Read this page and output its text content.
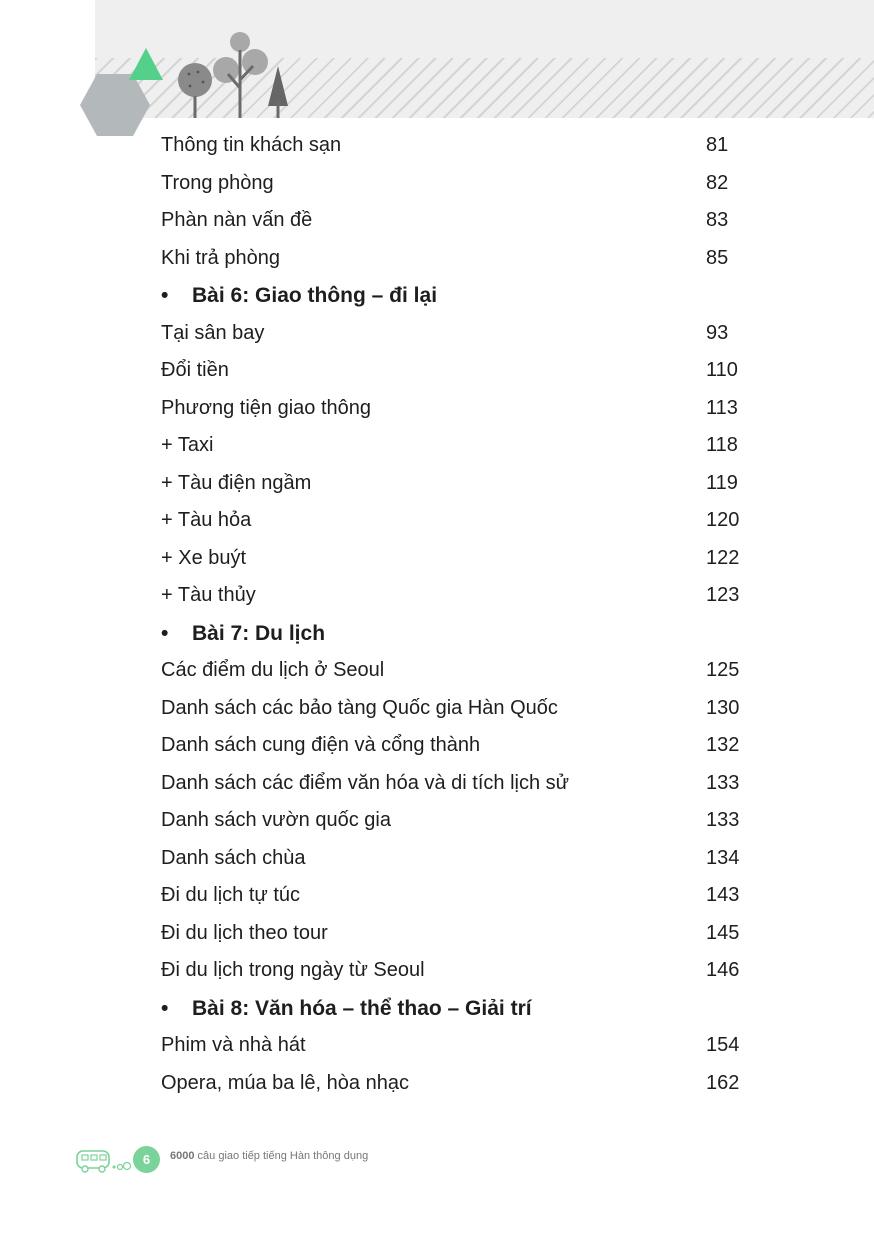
Thông tin khách sạn	81
Trong phòng	82
Phàn nàn vấn đề	83
Khi trả phòng	85
• Bài 6: Giao thông – đi lại
Tại sân bay	93
Đổi tiền	110
Phương tiện giao thông	113
+ Taxi	118
+ Tàu điện ngầm	119
+ Tàu hỏa	120
+ Xe buýt	122
+ Tàu thủy	123
• Bài 7: Du lịch
Các điểm du lịch ở Seoul	125
Danh sách các bảo tàng Quốc gia Hàn Quốc	130
Danh sách cung điện và cổng thành	132
Danh sách các điểm văn hóa và di tích lịch sử	133
Danh sách vườn quốc gia	133
Danh sách chùa	134
Đi du lịch tự túc	143
Đi du lịch theo tour	145
Đi du lịch trong ngày từ Seoul	146
• Bài 8: Văn hóa – thể thao – Giải trí
Phim và nhà hát	154
Opera, múa ba lê, hòa nhạc	162
6	6000 câu giao tiếp tiếng Hàn thông dụng
